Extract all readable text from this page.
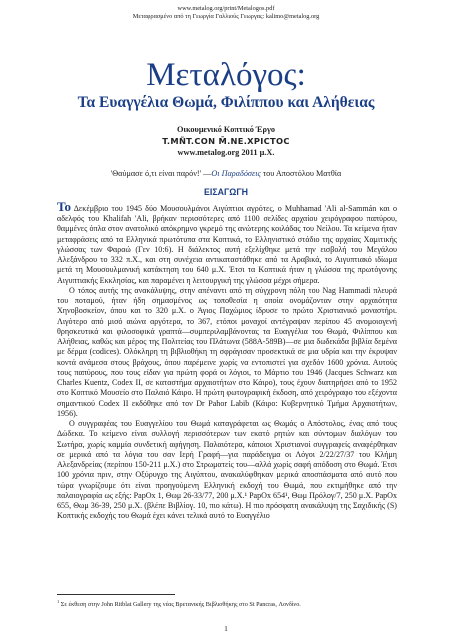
www.metalog.org/print/Metalogos.pdf
Μεταφρασμένο από τη Γεωργία Γαλλιούς Γεωργας: kalimo@metalog.org
Μεταλόγος:
Τα Ευαγγέλια Θωμά, Φιλίππου και Αλήθειας
Οικουμενικό Κοπτικό Έργο
T.MÑT.CON M̄.NE.XPICTOC
www.metalog.org 2011 μ.Χ.
'Θαύμασε ό,τι είναι παρόν!' —Οι Παραδόσεις του Αποστόλου Ματθία
ΕΙΣΑΓΩΓΗ

Το Δεκέμβριο του 1945 δύο Μουσουλμάνοι Αιγύπτιοι αγρότες, ο Muhhamad 'Ali al-Sammán και ο αδελφός του Khalifah 'Ali, βρήκαν περισσότερες από 1100 σελίδες αρχαίου χειρόγραφου παπύρου, θαμμένες όπλα στον ανατολικό απόκρημνο γκρεμό της ανώτερης κοιλάδας του Νείλου. Τα κείμενα ήταν μεταφράσεις από τα Ελληνικά πρωτότυπα στα Κοπτικά, το Ελληνιστικό στάδιο της αρχαίας Χαμιτικής γλώσσας των Φαραώ (Γεν 10:6). Η διάλεκτος αυτή εξελίχθηκε μετά την εισβολή του Μεγάλου Αλεξάνδρου το 332 π.Χ., και στη συνέχεια αντικαταστάθηκε από τα Αραβικά, το Αιγυπτιακό ιδίωμα μετά τη Μουσουλμανική κατάκτηση του 640 μ.Χ. Έτσι τα Κοπτικά ήταν η γλώσσα της πρωτόγονης Αιγυπτιακής Εκκλησίας, και παραμένει η λειτουργική της γλώσσα μέχρι σήμερα.

Ο τόπος αυτής της ανακάλυψης, στην απέναντι από τη σύγχρονη πόλη του Nag Hammadi πλευρά του ποταμού, ήταν ήδη σημασμένος ως τοποθεσία η οποία ονομάζονταν στην αρχαιότητα Χηνοβοσκείον, όπου και το 320 μ.Χ. ο Άγιος Παχώμιος ίδρυσε το πρώτο Χριστιανικό μοναστήρι. Λιγότερο από μισό αιώνα αργότερα, το 367, ετόποι μοναχοί αντέγραψαν περίπου 45 ανομοιογενή θρησκευτικά και φιλοσοφικά γραπτά—συμπεριλαμβάνοντας τα Ευαγγέλια του Θωμά, Φιλίππου και Αλήθειας, καθώς και μέρος της Πολιτείας του Πλάτωνα (588A-589B)—σε μια δωδεκάδα βιβλία δεμένα με δέρμα (codices). Ολόκληρη τη βιβλιοθήκη τη σφράγισαν προσεκτικά σε μια υδρία και την έκρυψαν κοντά ανάμεσα στους βράχους, όπου παρέμεινε χωρίς να εντοπιστεί για σχεδόν 1600 χρόνια. Αυτούς τους παπύρους, που τους είδαν για πρώτη φορά οι λόγιοι, το Μάρτιο του 1946 (Jacques Schwarz και Charles Kuentz, Codex II, σε καταστήμα αρχαιοτήτων στο Κάιρο), τους έχουν διατηρήσει από το 1952 στο Κοπτικό Μουσείο στο Παλαιό Κάιρο. Η πρώτη φωτογραφική έκδοση, από χειρόγραφο του εξέχοντα σημαντικού Codex II εκδόθηκε από τον Dr Pahor Labib (Κάιρο: Κυβερνητικό Τμήμα Αρχαιοτήτων, 1956).

Ο συγγραφέας του Ευαγγελίου του Θωμά καταγράφεται ως Θωμάς ο Απόστολος, ένας από τους Δώδεκα. Το κείμενο είναι συλλογή περισσότερων των εκατό ρητών και σύντομων διαλόγων του Σωτήρα, χωρίς καμμία συνδετική αφήγηση. Παλαιότερα, κάποιοι Χριστιανοί συγγραφείς αναφέρθηκαν σε μερικά από τα λόγια του σαν Ιερή Γραφή—για παράδειγμα οι Λόγοι 2/22/27/37 του Κλήμη Αλεξανδρείας (περίπου 150-211 μ.Χ.) στο Στρωματείς του—αλλά χωρίς σαφή απόδοση στο Θωμά. Έτσι 100 χρόνια πριν, στην Οξύρυγχο της Αιγύπτου, ανακαλύφθηκαν μερικά αποσπάσματα από αυτό που τώρα γνωρίζουμε ότι είναι προηγούμενη Ελληνική εκδοχή του Θωμά, που εκτιμήθηκε από την παλαιογραφία ως εξής: PapOx 1, Θωμ 26-33/77, 200 μ.Χ.¹ PapOx 654¹, Θωμ Πρόλογ/7, 250 μ.Χ. PapOx 655, Θωμ 36-39, 250 μ.Χ. (βλέπε Βιβλίογ. 10, πιο κάτω). Η πιο πρόσφατη ανακάλυψη της Σαχιδικής (S) Κοπτικής εκδοχής του Θωμά έχει κάνει τελικά αυτό το Ευαγγέλιο

$^1$ Σε έκθεση στην John Ritblat Gallery της νέας Βρετανικής Βιβλιοθήκης στο St Pancras, Λονδίνο.
1
